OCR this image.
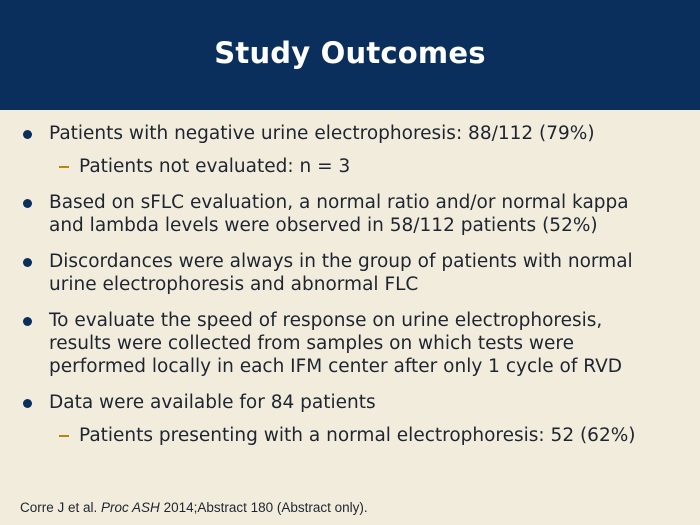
Study Outcomes
Patients with negative urine electrophoresis: 88/112 (79%)
Patients not evaluated: n = 3
Based on sFLC evaluation, a normal ratio and/or normal kappa
and lambda levels were observed in 58/112 patients (52%)
Discordances were always in the group of patients with normal
urine electrophoresis and abnormal FLC
To evaluate the speed of response on urine electrophoresis,
results were collected from samples on which tests were
performed locally in each IFM center after only 1 cycle of RVD
Data were available for 84 patients
Patients presenting with a normal electrophoresis: 52 (62%)
Corre J et al. Proc ASH 2014;Abstract 180 (Abstract only).
